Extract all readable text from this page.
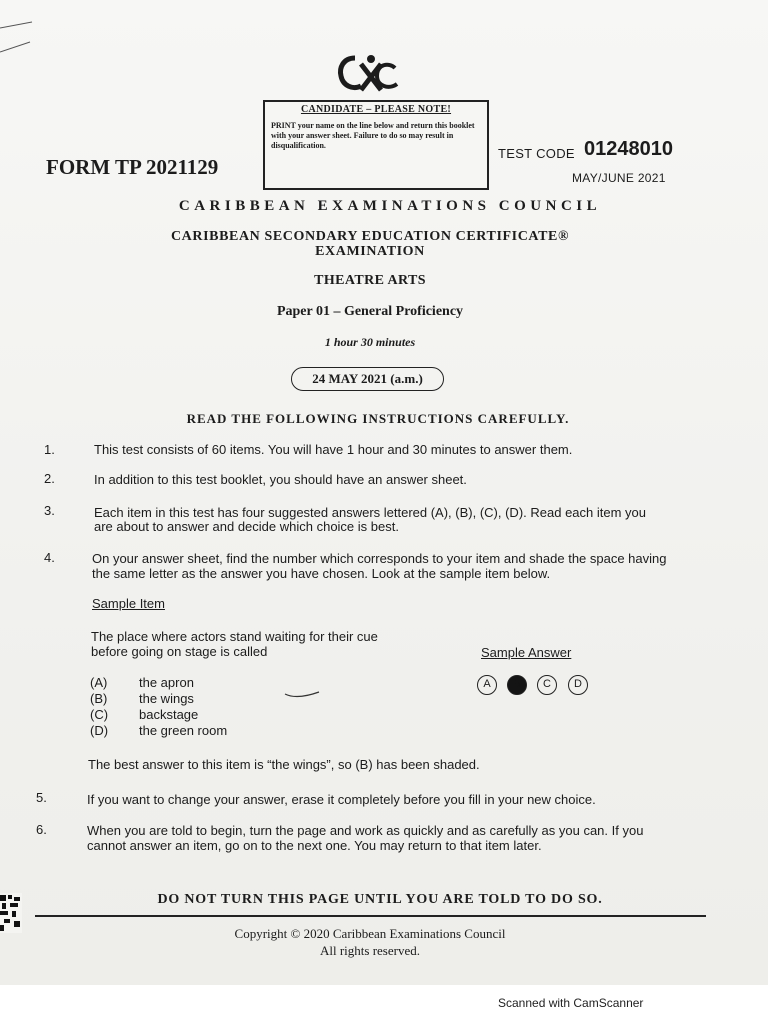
CANDIDATE – PLEASE NOTE!
PRINT your name on the line below and return this booklet with your answer sheet. Failure to do so may result in disqualification.
FORM TP 2021129
TEST CODE 01248010
MAY/JUNE 2021
CARIBBEAN EXAMINATIONS COUNCIL
CARIBBEAN SECONDARY EDUCATION CERTIFICATE®
EXAMINATION
THEATRE ARTS
Paper 01 – General Proficiency
1 hour 30 minutes
24 MAY 2021 (a.m.)
READ THE FOLLOWING INSTRUCTIONS CAREFULLY.
1.	This test consists of 60 items. You will have 1 hour and 30 minutes to answer them.
2.	In addition to this test booklet, you should have an answer sheet.
3.	Each item in this test has four suggested answers lettered (A), (B), (C), (D). Read each item you
are about to answer and decide which choice is best.
4.	On your answer sheet, find the number which corresponds to your item and shade the space having
the same letter as the answer you have chosen. Look at the sample item below.
Sample Item
The place where actors stand waiting for their cue
before going on stage is called
(A) the apron
(B) the wings
(C) backstage
(D) the green room
Sample Answer
A	B	C	D
The best answer to this item is “the wings”, so (B) has been shaded.
5.	If you want to change your answer, erase it completely before you fill in your new choice.
6.	When you are told to begin, turn the page and work as quickly and as carefully as you can. If you
cannot answer an item, go on to the next one. You may return to that item later.
DO NOT TURN THIS PAGE UNTIL YOU ARE TOLD TO DO SO.
Copyright © 2020 Caribbean Examinations Council
All rights reserved.
Scanned with CamScanner
